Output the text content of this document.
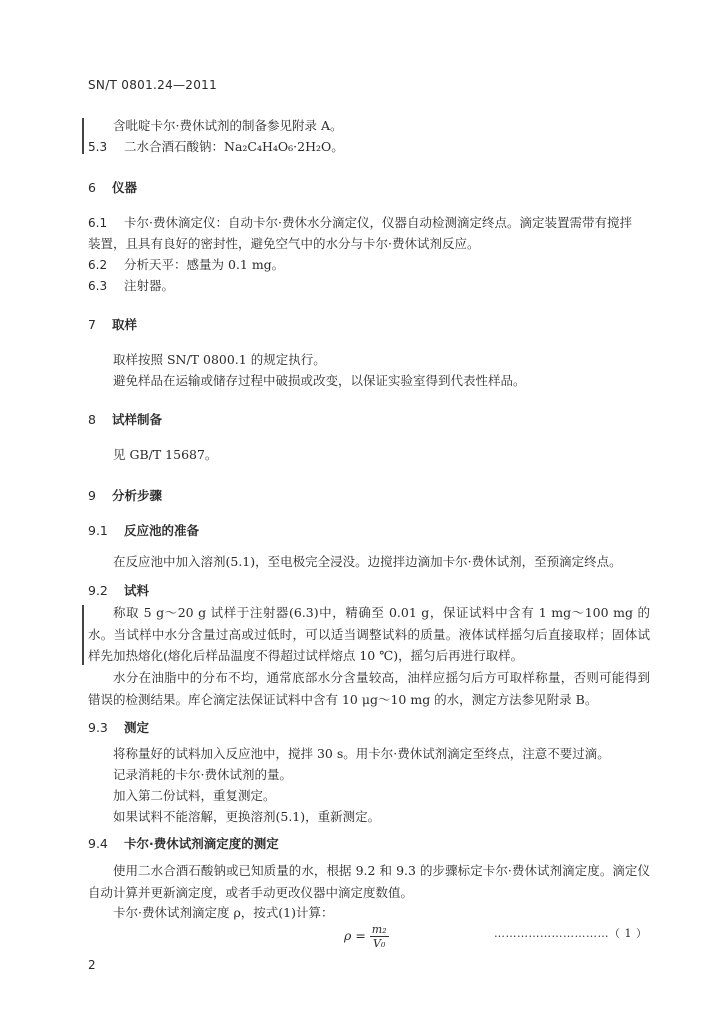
SN/T 0801.24—2011
含吡啶卡尔·费休试剂的制备参见附录 A。
5.3 二水合酒石酸钠：Na₂C₄H₄O₆·2H₂O。
6 仪器
6.1 卡尔·费休滴定仪：自动卡尔·费休水分滴定仪，仪器自动检测滴定终点。滴定装置需带有搅拌
装置，且具有良好的密封性，避免空气中的水分与卡尔·费休试剂反应。
6.2 分析天平：感量为 0.1 mg。
6.3 注射器。
7 取样
取样按照 SN/T 0800.1 的规定执行。
避免样品在运输或储存过程中破损或改变，以保证实验室得到代表性样品。
8 试样制备
见 GB/T 15687。
9 分析步骤
9.1 反应池的准备
在反应池中加入溶剂(5.1)，至电极完全浸没。边搅拌边滴加卡尔·费休试剂，至预滴定终点。
9.2 试料
称取 5 g～20 g 试样于注射器(6.3)中，精确至 0.01 g，保证试料中含有 1 mg～100 mg 的水。当试样中水分含量过高或过低时，可以适当调整试料的质量。液体试样摇匀后直接取样；固体试样先加热熔化(熔化后样品温度不得超过试样熔点 10 ℃)，摇匀后再进行取样。
水分在油脂中的分布不均，通常底部水分含量较高，油样应摇匀后方可取样称量，否则可能得到错误的检测结果。库仑滴定法保证试料中含有 10 μg～10 mg 的水，测定方法参见附录 B。
9.3 测定
将称量好的试料加入反应池中，搅拌 30 s。用卡尔·费休试剂滴定至终点，注意不要过滴。
记录消耗的卡尔·费休试剂的量。
加入第二份试料，重复测定。
如果试料不能溶解，更换溶剂(5.1)，重新测定。
9.4 卡尔·费休试剂滴定度的测定
使用二水合酒石酸钠或已知质量的水，根据 9.2 和 9.3 的步骤标定卡尔·费休试剂滴定度。滴定仪自动计算并更新滴定度，或者手动更改仪器中滴定度数值。
卡尔·费休试剂滴定度 ρ，按式(1)计算：
$\rho = \frac{\text{m₂}}{\text{V₀}}$	…………………………（ 1 ）
2
